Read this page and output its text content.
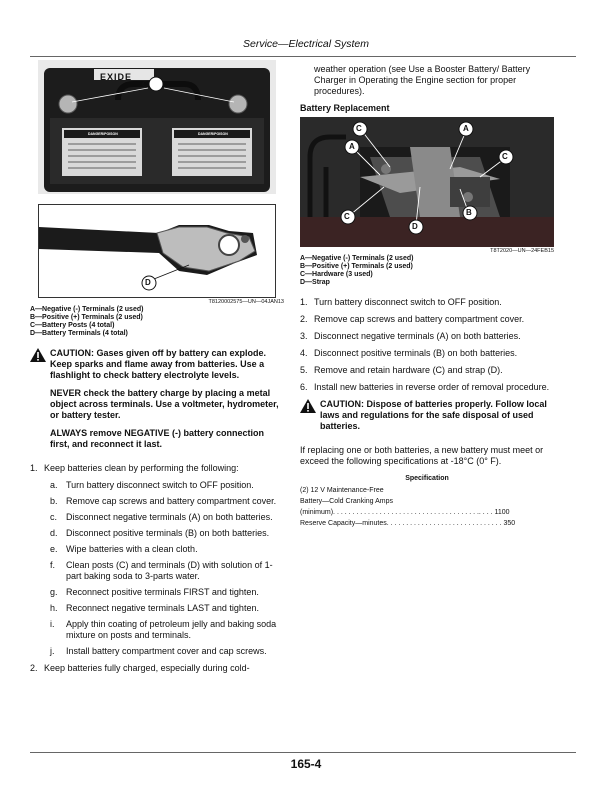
Service—Electrical System
EXIDE
C
DANGER/POISON	DANGER/POISON
D
T8120002575—UN—04JAN13
A—Negative (-) Terminals (2 used)
B—Positive (+) Terminals (2 used)
C—Battery Posts (4 total)
D—Battery Terminals (4 total)

CAUTION: Gases given off by battery can explode. Keep sparks and flame away from batteries. Use a flashlight to check battery electrolyte levels.

NEVER check the battery charge by placing a metal object across terminals. Use a voltmeter, hydrometer, or battery tester.

ALWAYS remove NEGATIVE (-) battery connection first, and reconnect it last.

1. Keep batteries clean by performing the following:
a. Turn battery disconnect switch to OFF position.
b. Remove cap screws and battery compartment cover.
c. Disconnect negative terminals (A) on both batteries.
d. Disconnect positive terminals (B) on both batteries.
e. Wipe batteries with a clean cloth.
f. Clean posts (C) and terminals (D) with solution of 1-part baking soda to 3-parts water.
g. Reconnect positive terminals FIRST and tighten.
h. Reconnect negative terminals LAST and tighten.
i. Apply thin coating of petroleum jelly and baking soda mixture on posts and terminals.
j. Install battery compartment cover and cap screws.
2. Keep batteries fully charged, especially during cold-
weather operation (see Use a Booster Battery/ Battery Charger in Operating the Engine section for proper procedures).
Battery Replacement
C
A
A
C
C
D
B
T8T2020—UN—24FEB15
A—Negative (-) Terminals (2 used)
B—Positive (+) Terminals (2 used)
C—Hardware (3 used)
D—Strap
1. Turn battery disconnect switch to OFF position.
2. Remove cap screws and battery compartment cover.
3. Disconnect negative terminals (A) on both batteries.
4. Disconnect positive terminals (B) on both batteries.
5. Remove and retain hardware (C) and strap (D).
6. Install new batteries in reverse order of removal procedure.

CAUTION: Dispose of batteries properly. Follow local laws and regulations for the safe disposal of used batteries.

If replacing one or both batteries, a new battery must meet or exceed the following specifications at -18°C (0° F).
Specification
(2) 12 V Maintenance-Free
Battery—Cold Cranking Amps
(minimum). . . . . . . . . . . . . . . . . . . . . . . . . . . . . . . . . . . . . .. . . . 1100
Reserve Capacity—minutes. . . . . . . . . . . . . . . . . . . . . . . . . . . . . . 350
165-4
